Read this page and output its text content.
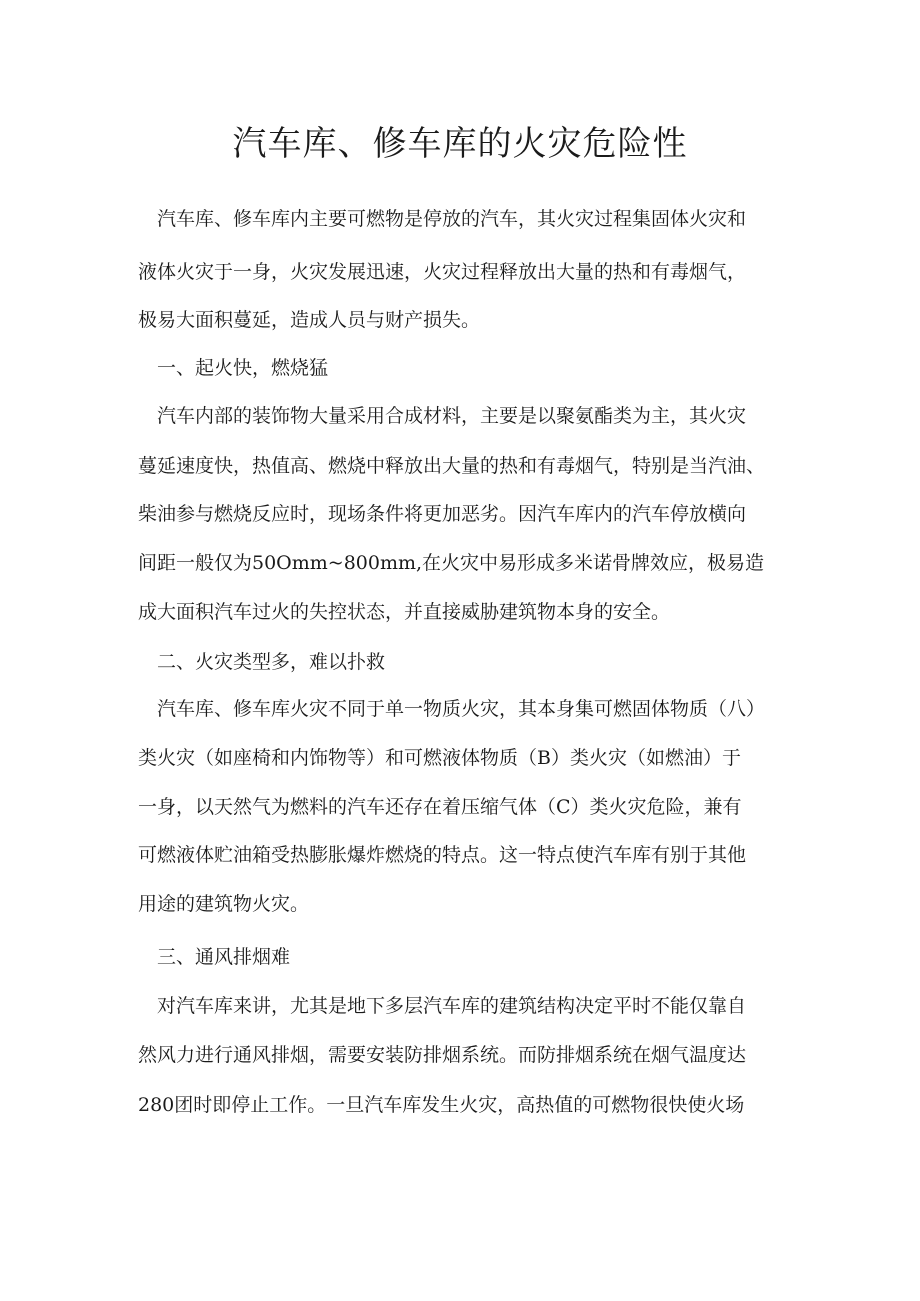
汽车库、修车库的火灾危险性

　汽车库、修车库内主要可燃物是停放的汽车，其火灾过程集固体火灾和

液体火灾于一身，火灾发展迅速，火灾过程释放出大量的热和有毒烟气，

极易大面积蔓延，造成人员与财产损失。

　一、起火快，燃烧猛

　汽车内部的装饰物大量采用合成材料，主要是以聚氨酯类为主，其火灾

蔓延速度快，热值高、燃烧中释放出大量的热和有毒烟气，特别是当汽油、

柴油参与燃烧反应时，现场条件将更加恶劣。因汽车库内的汽车停放横向

间距一般仅为50Omm~800mm,在火灾中易形成多米诺骨牌效应，极易造

成大面积汽车过火的失控状态，并直接威胁建筑物本身的安全。

　二、火灾类型多，难以扑救

　汽车库、修车库火灾不同于单一物质火灾，其本身集可燃固体物质（八）

类火灾（如座椅和内饰物等）和可燃液体物质（B）类火灾（如燃油）于

一身，以天然气为燃料的汽车还存在着压缩气体（C）类火灾危险，兼有

可燃液体贮油箱受热膨胀爆炸燃烧的特点。这一特点使汽车库有别于其他

用途的建筑物火灾。

　三、通风排烟难

　对汽车库来讲，尤其是地下多层汽车库的建筑结构决定平时不能仅靠自

然风力进行通风排烟，需要安装防排烟系统。而防排烟系统在烟气温度达

280团时即停止工作。一旦汽车库发生火灾，高热值的可燃物很快使火场
